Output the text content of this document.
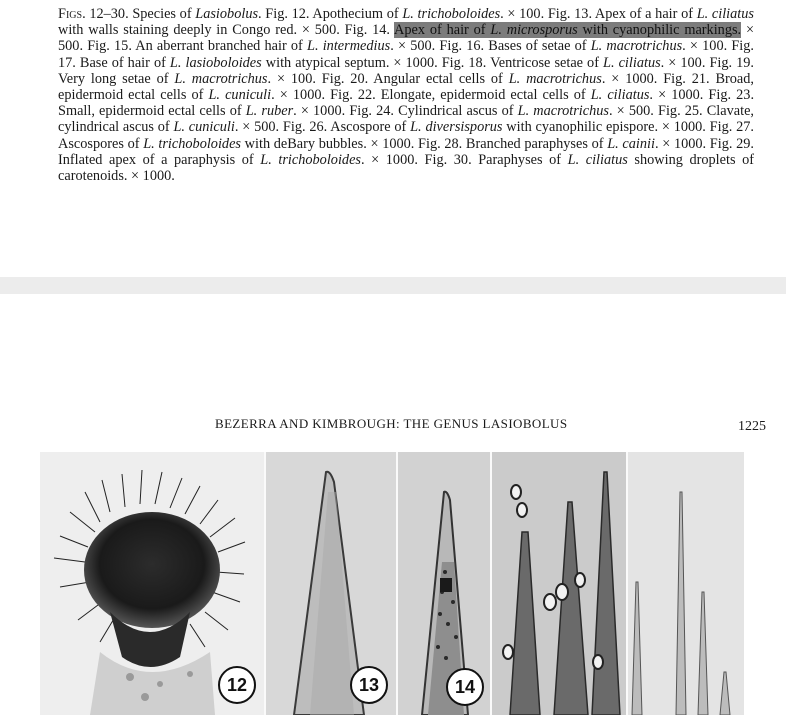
Figs. 12–30. Species of Lasiobolus. Fig. 12. Apothecium of L. trichoboloides. × 100. Fig. 13. Apex of a hair of L. ciliatus with walls staining deeply in Congo red. × 500. Fig. 14. Apex of hair of L. microsporus with cyanophilic markings. × 500. Fig. 15. An aberrant branched hair of L. intermedius. × 500. Fig. 16. Bases of setae of L. macrotrichus. × 100. Fig. 17. Base of hair of L. lasioboloides with atypical septum. × 1000. Fig. 18. Ventricose setae of L. ciliatus. × 100. Fig. 19. Very long setae of L. macrotrichus. × 100. Fig. 20. Angular ectal cells of L. macrotrichus. × 1000. Fig. 21. Broad, epidermoid ectal cells of L. cuniculi. × 1000. Fig. 22. Elongate, epidermoid ectal cells of L. ciliatus. × 1000. Fig. 23. Small, epidermoid ectal cells of L. ruber. × 1000. Fig. 24. Cylindrical ascus of L. macrotrichus. × 500. Fig. 25. Clavate, cylindrical ascus of L. cuniculi. × 500. Fig. 26. Ascospore of L. diversisporus with cyanophilic epispore. × 1000. Fig. 27. Ascospores of L. trichoboloides with deBary bubbles. × 1000. Fig. 28. Branched paraphyses of L. cainii. × 1000. Fig. 29. Inflated apex of a paraphysis of L. trichoboloides. × 1000. Fig. 30. Paraphyses of L. ciliatus showing droplets of carotenoids. × 1000.
BEZERRA AND KIMBROUGH: THE GENUS LASIOBOLUS	1225
12	13	14
